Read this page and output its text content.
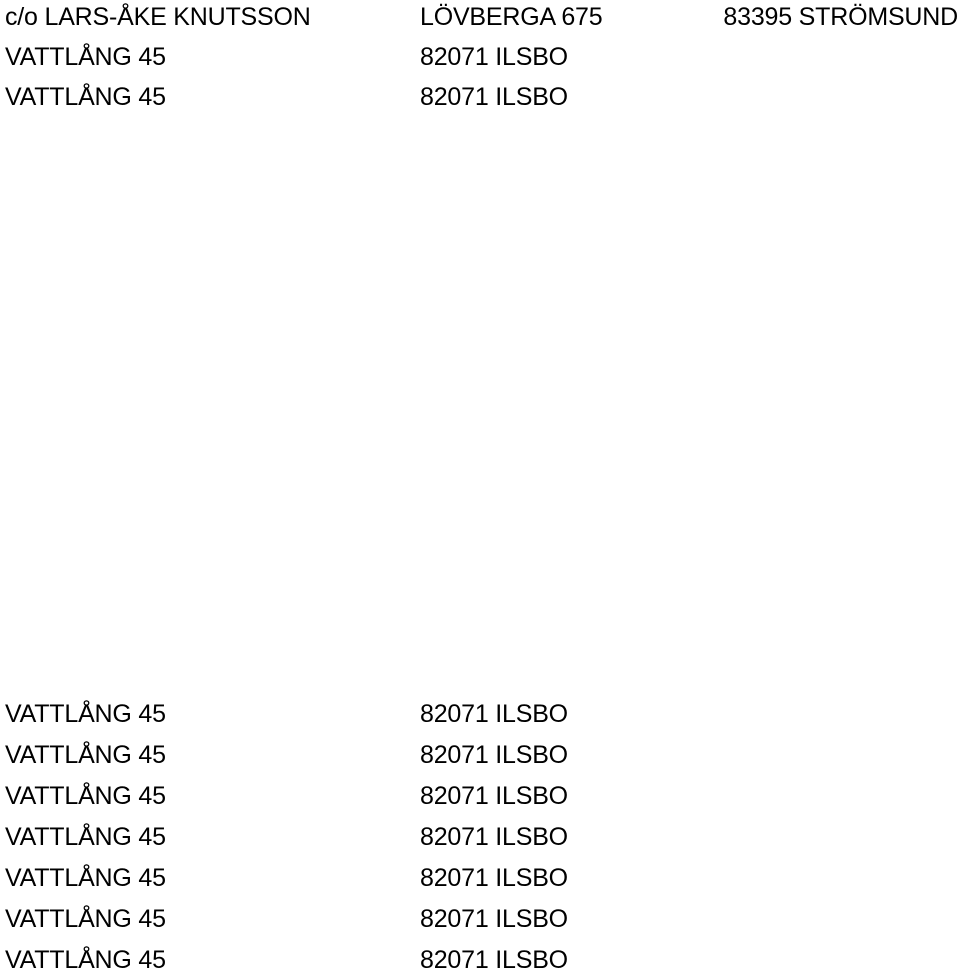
c/o LARS-ÅKE KNUTSSON	LÖVBERGA 675	83395 STRÖMSUND
VATTLÅNG 45	82071 ILSBO
VATTLÅNG 45	82071 ILSBO
VATTLÅNG 45	82071 ILSBO
VATTLÅNG 45	82071 ILSBO
VATTLÅNG 45	82071 ILSBO
VATTLÅNG 45	82071 ILSBO
VATTLÅNG 45	82071 ILSBO
VATTLÅNG 45	82071 ILSBO
VATTLÅNG 45	82071 ILSBO
